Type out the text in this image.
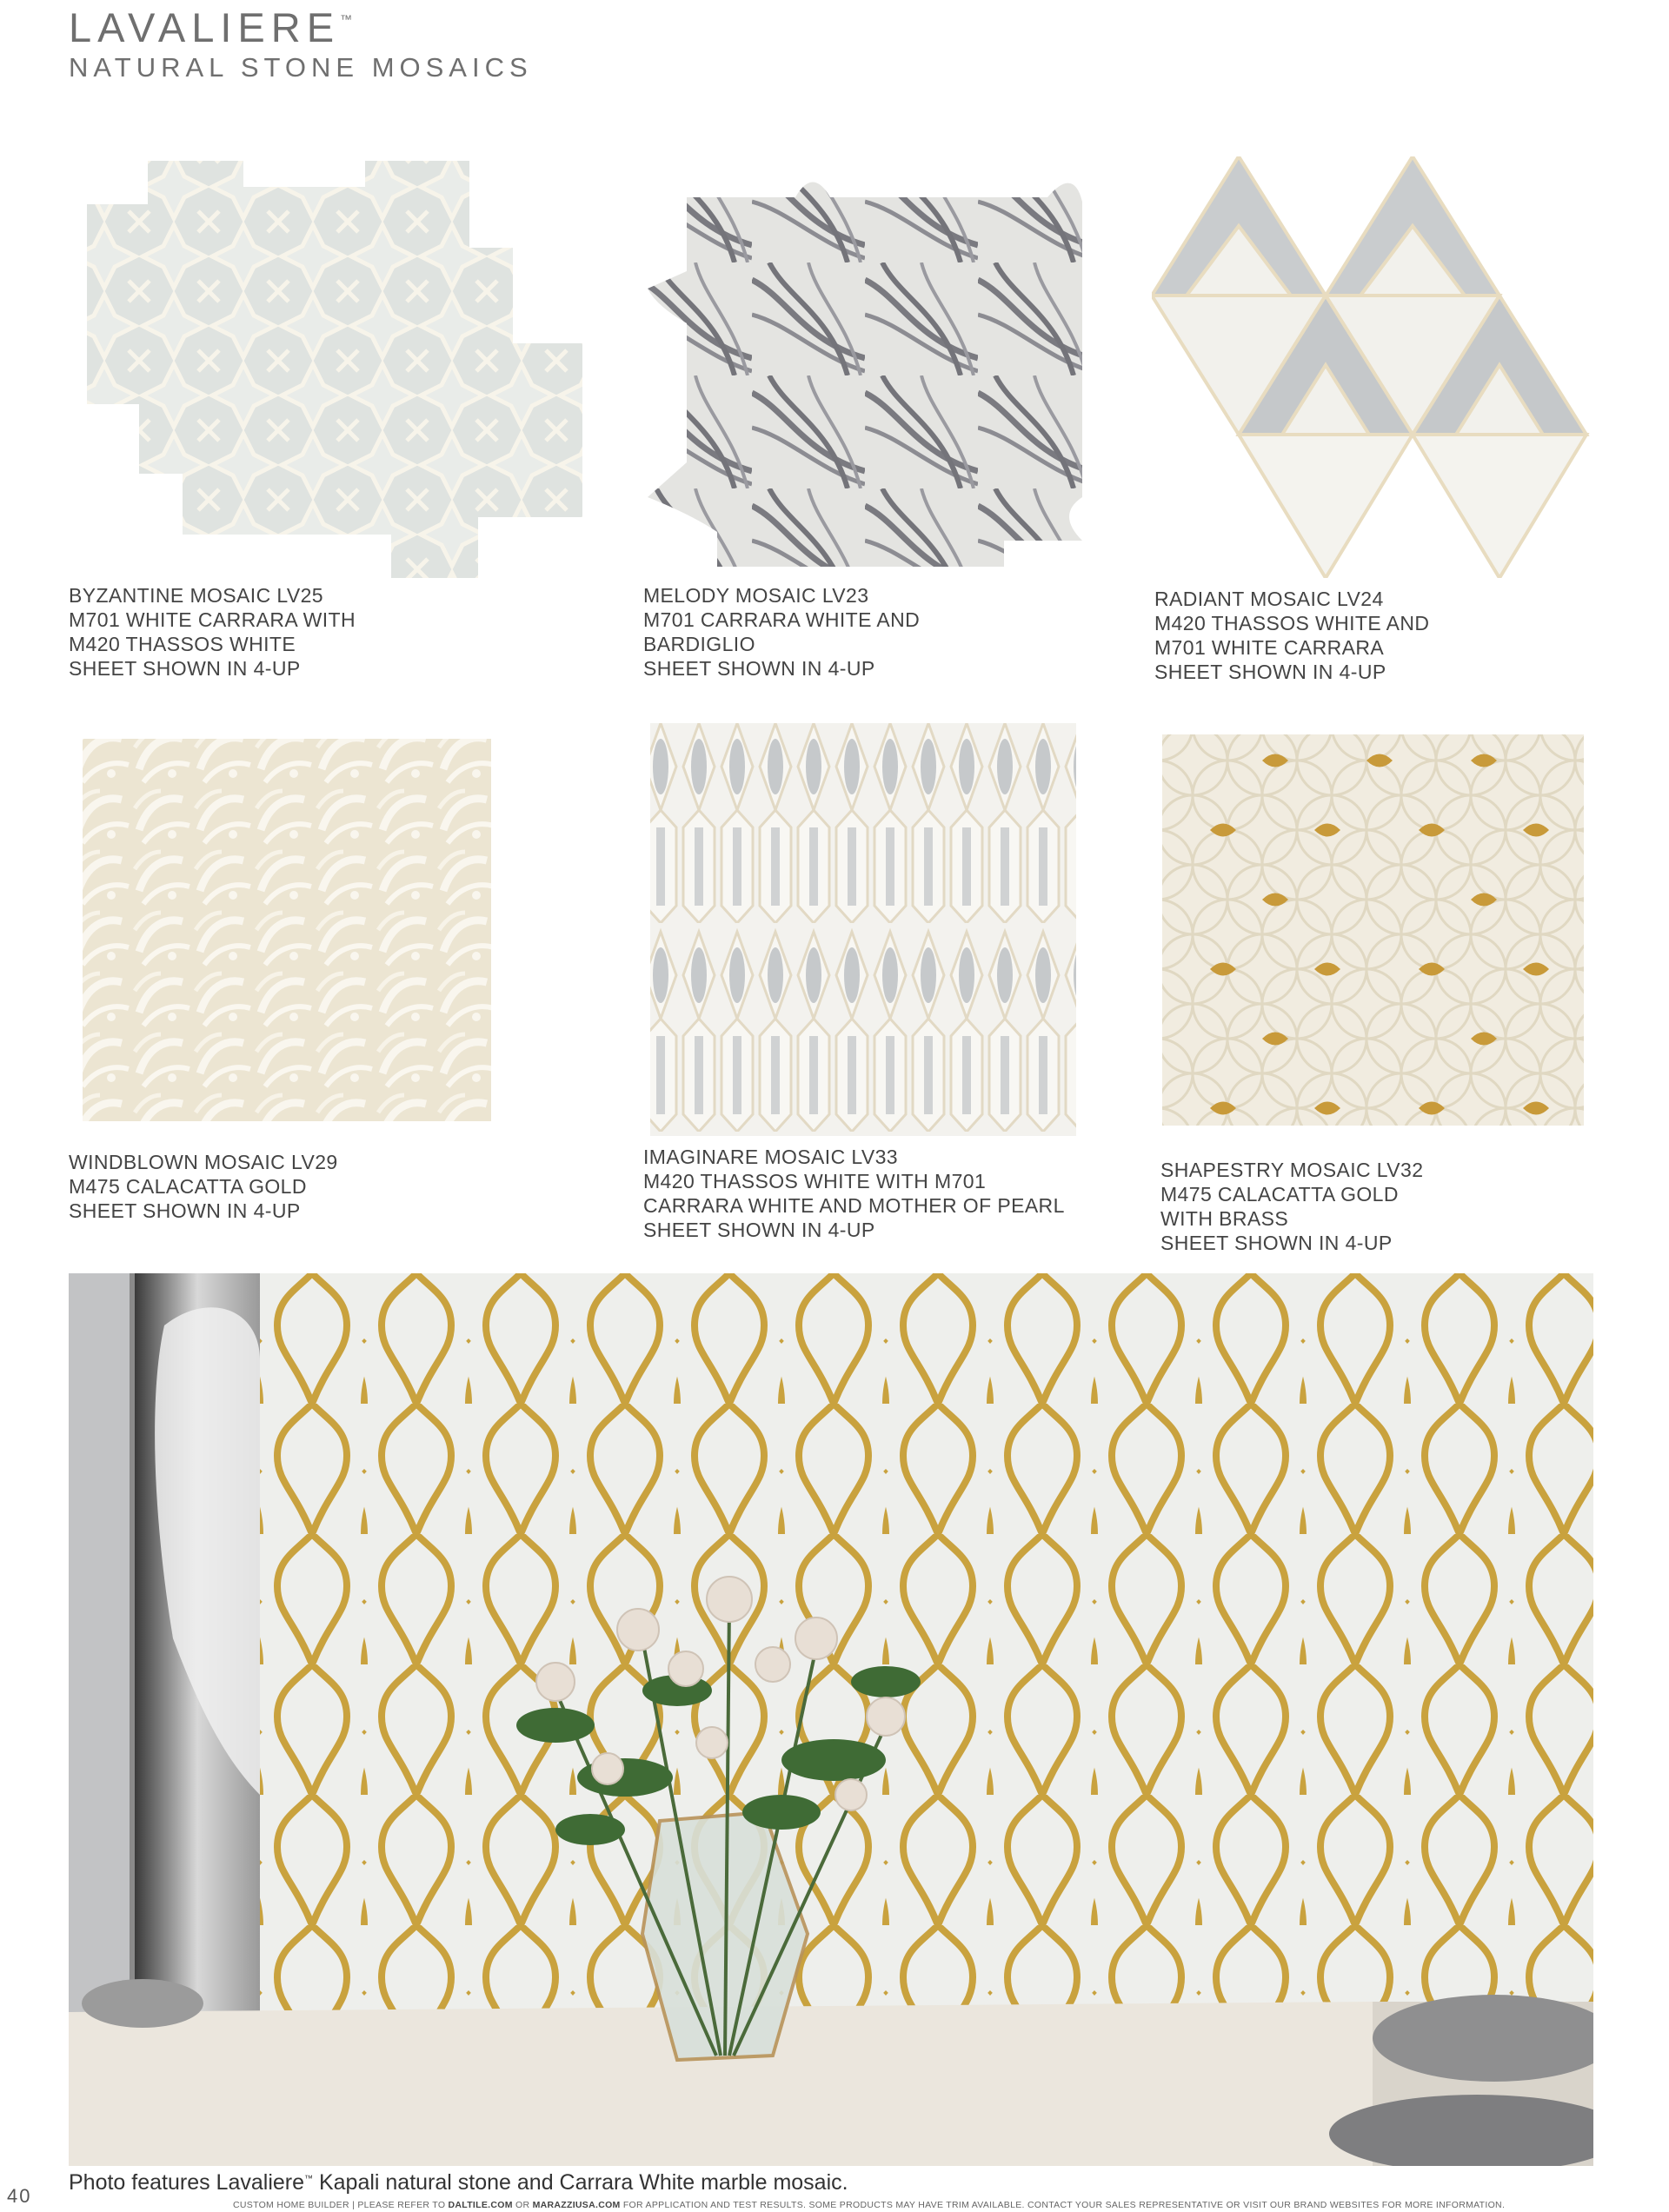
LAVALIERE™
NATURAL STONE MOSAICS
BYZANTINE MOSAIC LV25
M701 WHITE CARRARA WITH
M420 THASSOS WHITE
SHEET SHOWN IN 4-UP
MELODY MOSAIC LV23
M701 CARRARA WHITE AND
BARDIGLIO
SHEET SHOWN IN 4-UP
RADIANT MOSAIC LV24
M420 THASSOS WHITE AND
M701 WHITE CARRARA
SHEET SHOWN IN 4-UP
WINDBLOWN MOSAIC LV29
M475 CALACATTA GOLD
SHEET SHOWN IN 4-UP
IMAGINARE MOSAIC LV33
M420 THASSOS WHITE WITH M701
CARRARA WHITE AND MOTHER OF PEARL
SHEET SHOWN IN 4-UP
SHAPESTRY MOSAIC LV32
M475 CALACATTA GOLD
WITH BRASS
SHEET SHOWN IN 4-UP
Photo features Lavaliere™ Kapali natural stone and Carrara White marble mosaic.
40	CUSTOM HOME BUILDER | PLEASE REFER TO DALTILE.COM OR MARAZZIUSA.COM FOR APPLICATION AND TEST RESULTS. SOME PRODUCTS MAY HAVE TRIM AVAILABLE. CONTACT YOUR SALES REPRESENTATIVE OR VISIT OUR BRAND WEBSITES FOR MORE INFORMATION.
